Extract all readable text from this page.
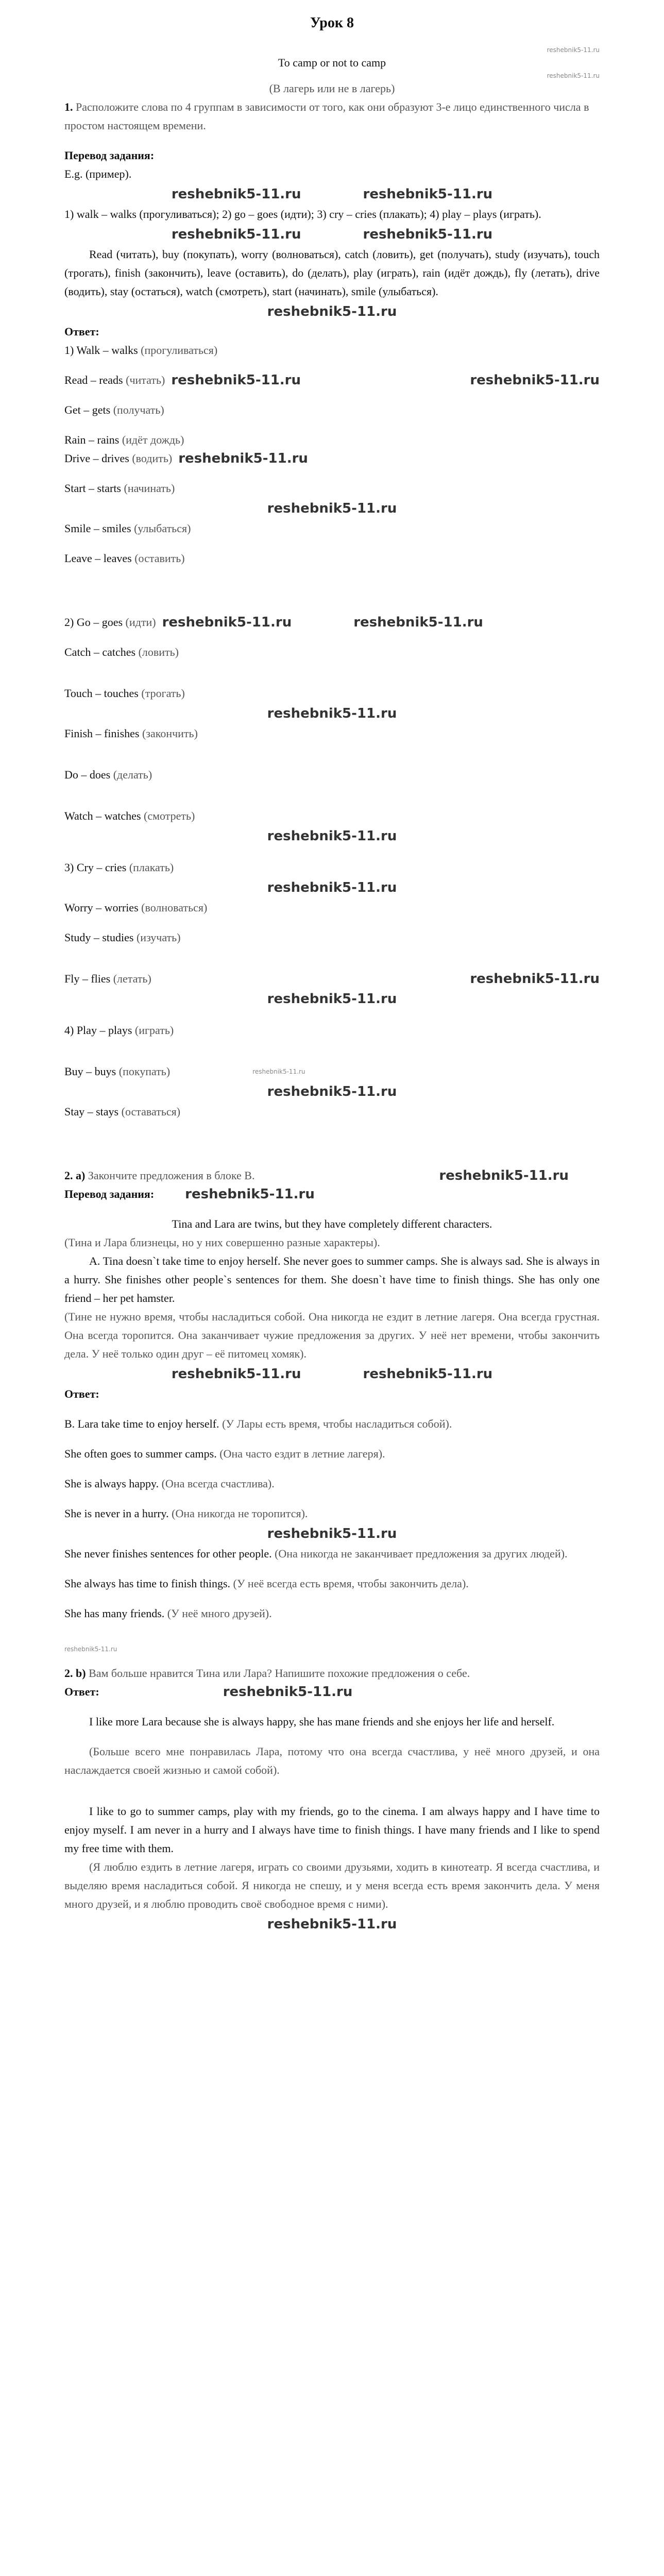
Урок 8
reshebnik5-11.ru
To camp or not to camp
reshebnik5-11.ru
(В лагерь или не в лагерь)

1. Расположите слова по 4 группам в зависимости от того, как они образуют 3-е лицо единственного числа в простом настоящем времени.

Перевод задания:

E.g. (пример).
reshebnik5-11.ru	reshebnik5-11.ru

1) walk – walks (прогуливаться); 2) go – goes (идти); 3) cry – cries (плакать); 4) play – plays (играть).

reshebnik5-11.ru	reshebnik5-11.ru

Read (читать), buy (покупать), worry (волноваться), catch (ловить), get (получать), study (изучать), touch (трогать), finish (закончить), leave (оставить), do (делать), play (играть), rain (идёт дождь), fly (летать), drive (водить), stay (остаться), watch (смотреть), start (начинать), smile (улыбаться).

reshebnik5-11.ru

Ответ:

1) Walk – walks (прогуливаться)

Read – reads (читать) reshebnik5-11.ru	reshebnik5-11.ru

Get – gets (получать)

Rain – rains (идёт дождь)

Drive – drives (водить) reshebnik5-11.ru

Start – starts (начинать)

reshebnik5-11.ru

Smile – smiles (улыбаться)

Leave – leaves (оставить)

2) Go – goes (идти) reshebnik5-11.ru	reshebnik5-11.ru

Catch – catches (ловить)

Touch – touches (трогать)

reshebnik5-11.ru

Finish – finishes (закончить)

Do – does (делать)

Watch – watches (смотреть)

reshebnik5-11.ru

3) Cry – cries (плакать)

reshebnik5-11.ru

Worry – worries (волноваться)

Study – studies (изучать)

Fly – flies (летать)	reshebnik5-11.ru
reshebnik5-11.ru

4) Play – plays (играть)

Buy – buys (покупать)	reshebnik5-11.ru
reshebnik5-11.ru

Stay – stays (оставаться)

2. а) Закончите предложения в блоке B.	reshebnik5-11.ru

Перевод задания: reshebnik5-11.ru

Tina and Lara are twins, but they have completely different characters.

(Тина и Лара близнецы, но у них совершенно разные характеры).

A. Tina doesn`t take time to enjoy herself. She never goes to summer camps. She is always sad. She is always in a hurry. She finishes other people`s sentences for them. She doesn`t have time to finish things. She has only one friend – her pet hamster.

(Тине не нужно время, чтобы насладиться собой. Она никогда не ездит в летние лагеря. Она всегда грустная. Она всегда торопится. Она заканчивает чужие предложения за других. У неё нет времени, чтобы закончить дела. У неё только один друг – её питомец хомяк).

reshebnik5-11.ru	reshebnik5-11.ru

Ответ:

B. Lara take time to enjoy herself. (У Лары есть время, чтобы насладиться собой).

She often goes to summer camps. (Она часто ездит в летние лагеря).

She is always happy. (Она всегда счастлива).

She is never in a hurry. (Она никогда не торопится).

reshebnik5-11.ru

She never finishes sentences for other people. (Она никогда не заканчивает предложения за других людей).

She always has time to finish things. (У неё всегда есть время, чтобы закончить дела).

She has many friends. (У неё много друзей).

reshebnik5-11.ru

2. b) Вам больше нравится Тина или Лара? Напишите похожие предложения о себе.

Ответ:	reshebnik5-11.ru

I like more Lara because she is always happy, she has mane friends and she enjoys her life and herself.

(Больше всего мне понравилась Лара, потому что она всегда счастлива, у неё много друзей, и она наслаждается своей жизнью и самой собой).

I like to go to summer camps, play with my friends, go to the cinema. I am always happy and I have time to enjoy myself. I am never in a hurry and I always have time to finish things. I have many friends and I like to spend my free time with them.

(Я люблю ездить в летние лагеря, играть со своими друзьями, ходить в кинотеатр. Я всегда счастлива, и выделяю время насладиться собой. Я никогда не спешу, и у меня всегда есть время закончить дела. У меня много друзей, и я люблю проводить своё свободное время с ними).

reshebnik5-11.ru
